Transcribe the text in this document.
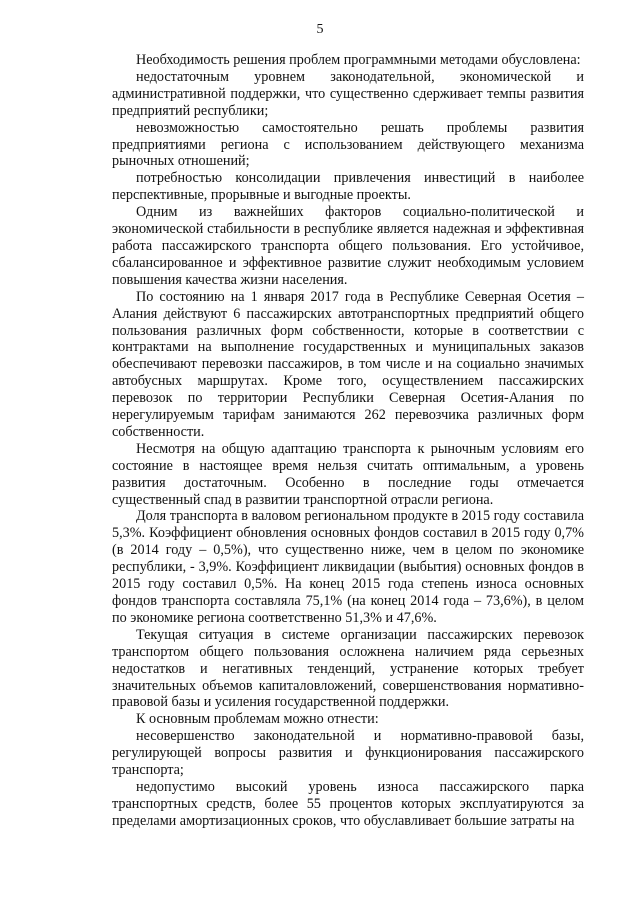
5

Необходимость решения проблем программными методами обусловлена:

недостаточным уровнем законодательной, экономической и административной поддержки, что существенно сдерживает темпы развития предприятий республики;

невозможностью самостоятельно решать проблемы развития предприятиями региона с использованием действующего механизма рыночных отношений;

потребностью консолидации привлечения инвестиций в наиболее перспективные, прорывные и выгодные проекты.

Одним из важнейших факторов социально-политической и экономической стабильности в республике является надежная и эффективная работа пассажирского транспорта общего пользования. Его устойчивое, сбалансированное и эффективное развитие служит необходимым условием повышения качества жизни населения.

По состоянию на 1 января 2017 года в Республике Северная Осетия – Алания действуют 6 пассажирских автотранспортных предприятий общего пользования различных форм собственности, которые в соответствии с контрактами на выполнение государственных и муниципальных заказов обеспечивают перевозки пассажиров, в том числе и на социально значимых автобусных маршрутах. Кроме того, осуществлением пассажирских перевозок по территории Республики Северная Осетия-Алания по нерегулируемым тарифам занимаются 262 перевозчика различных форм собственности.

Несмотря на общую адаптацию транспорта к рыночным условиям его состояние в настоящее время нельзя считать оптимальным, а уровень развития достаточным. Особенно в последние годы отмечается существенный спад в развитии транспортной отрасли региона.

Доля транспорта в валовом региональном продукте в 2015 году составила 5,3%. Коэффициент обновления основных фондов составил в 2015 году 0,7% (в 2014 году – 0,5%), что существенно ниже, чем в целом по экономике республики, - 3,9%. Коэффициент ликвидации (выбытия) основных фондов в 2015 году составил 0,5%. На конец 2015 года степень износа основных фондов транспорта составляла 75,1% (на конец 2014 года – 73,6%), в целом по экономике региона соответственно 51,3% и 47,6%.

Текущая ситуация в системе организации пассажирских перевозок транспортом общего пользования осложнена наличием ряда серьезных недостатков и негативных тенденций, устранение которых требует значительных объемов капиталовложений, совершенствования нормативно-правовой базы и усиления государственной поддержки.

К основным проблемам можно отнести:

несовершенство законодательной и нормативно-правовой базы, регулирующей вопросы развития и функционирования пассажирского транспорта;

недопустимо высокий уровень износа пассажирского парка транспортных средств, более 55 процентов которых эксплуатируются за пределами амортизационных сроков, что обуславливает большие затраты на
